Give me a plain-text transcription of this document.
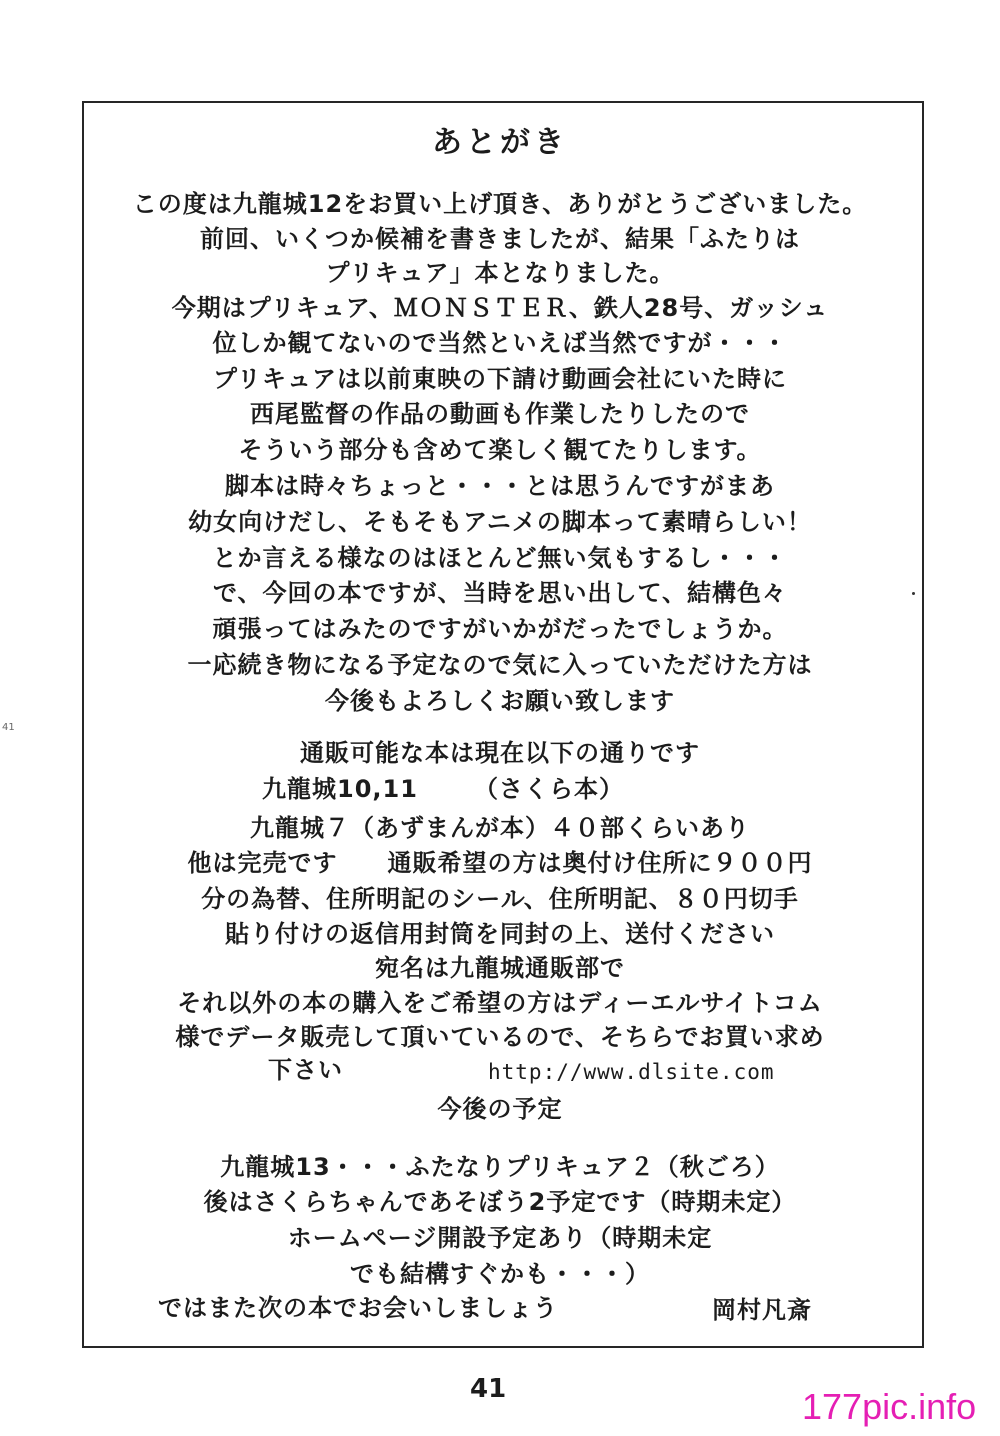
41
あとがき
この度は九龍城12をお買い上げ頂き、ありがとうございました。
前回、いくつか候補を書きましたが、結果「ふたりは
プリキュア」本となりました。
今期はプリキュア、ＭＯＮＳＴＥＲ、鉄人28号、ガッシュ
位しか観てないので当然といえば当然ですが・・・
プリキュアは以前東映の下請け動画会社にいた時に
西尾監督の作品の動画も作業したりしたので
そういう部分も含めて楽しく観てたりします。
脚本は時々ちょっと・・・とは思うんですがまあ
幼女向けだし、そもそもアニメの脚本って素晴らしい！
とか言える様なのはほとんど無い気もするし・・・
で、今回の本ですが、当時を思い出して、結構色々
頑張ってはみたのですがいかがだったでしょうか。
一応続き物になる予定なので気に入っていただけた方は
今後もよろしくお願い致します
通販可能な本は現在以下の通りです
九龍城10,11 （さくら本）
九龍城７（あずまんが本）４０部くらいあり
他は完売です　　通販希望の方は奥付け住所に９００円
分の為替、住所明記のシール、住所明記、８０円切手
貼り付けの返信用封筒を同封の上、送付ください
宛名は九龍城通販部で
それ以外の本の購入をご希望の方はディーエルサイトコム
様でデータ販売して頂いているので、そちらでお買い求め
下さい	http://www.dlsite.com
今後の予定
九龍城13・・・ふたなりプリキュア２（秋ごろ）
後はさくらちゃんであそぼう2予定です（時期未定）
ホームページ開設予定あり（時期未定
でも結構すぐかも・・・）
ではまた次の本でお会いしましょう	岡村凡斎
41	177pic.info
